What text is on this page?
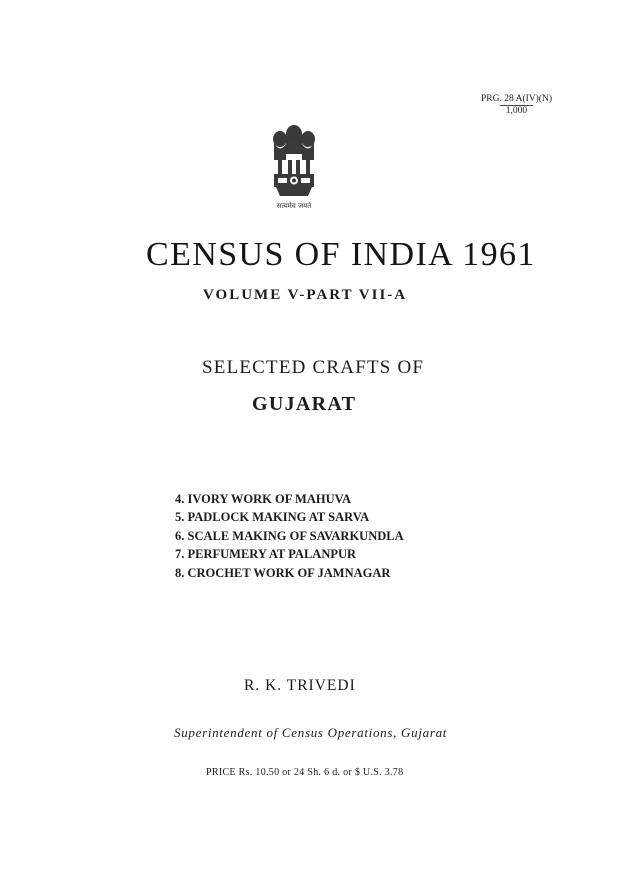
PRG. 28 A(IV)(N)
1,000
सत्यमेव जयते
CENSUS OF INDIA 1961
VOLUME V-PART VII-A
SELECTED CRAFTS OF
GUJARAT
4. IVORY WORK OF MAHUVA
5. PADLOCK MAKING AT SARVA
6. SCALE MAKING OF SAVARKUNDLA
7. PERFUMERY AT PALANPUR
8. CROCHET WORK OF JAMNAGAR
R. K. TRIVEDI
Superintendent of Census Operations, Gujarat
PRICE Rs. 10.50 or 24 Sh. 6 d. or $ U.S. 3.78
